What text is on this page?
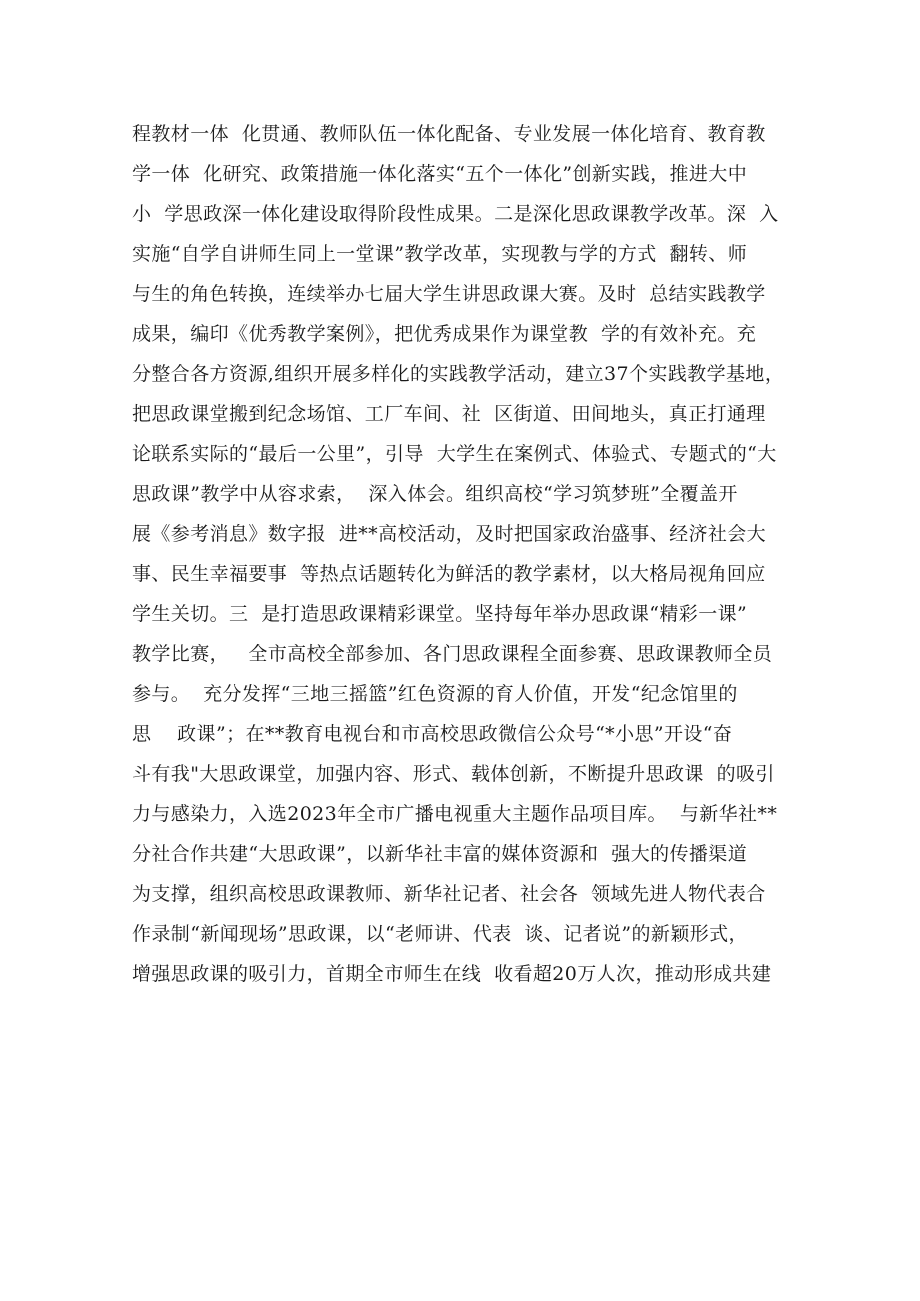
程教材一体  化贯通、教师队伍一体化配备、专业发展一体化培育、教育教
学一体  化研究、政策措施一体化落实“五个一体化”创新实践，推进大中
小  学思政深一体化建设取得阶段性成果。二是深化思政课教学改革。深  入
实施“自学自讲师生同上一堂课”教学改革，实现教与学的方式  翻转、师
与生的角色转换，连续举办七届大学生讲思政课大赛。及时  总结实践教学
成果，编印《优秀教学案例》，把优秀成果作为课堂教  学的有效补充。充
分整合各方资源,组织开展多样化的实践教学活动，建立37个实践教学基地，
把思政课堂搬到纪念场馆、工厂车间、社  区街道、田间地头，真正打通理
论联系实际的“最后一公里”，引导  大学生在案例式、体验式、专题式的“大
思政课”教学中从容求索，  深入体会。组织高校“学习筑梦班”全覆盖开
展《参考消息》数字报  进**高校活动，及时把国家政治盛事、经济社会大
事、民生幸福要事  等热点话题转化为鲜活的教学素材，以大格局视角回应
学生关切。三  是打造思政课精彩课堂。坚持每年举办思政课“精彩一课”
教学比赛，   全市高校全部参加、各门思政课程全面参赛、思政课教师全员
参与。  充分发挥“三地三摇篮”红色资源的育人价值，开发“纪念馆里的
思    政课”；在**教育电视台和市高校思政微信公众号“*小思”开设“奋
斗有我"大思政课堂，加强内容、形式、载体创新，不断提升思政课  的吸引
力与感染力，入选2023年全市广播电视重大主题作品项目库。  与新华社**
分社合作共建“大思政课”，以新华社丰富的媒体资源和  强大的传播渠道
为支撑，组织高校思政课教师、新华社记者、社会各  领域先进人物代表合
作录制“新闻现场”思政课，以“老师讲、代表  谈、记者说”的新颖形式，
增强思政课的吸引力，首期全市师生在线  收看超20万人次，推动形成共建
